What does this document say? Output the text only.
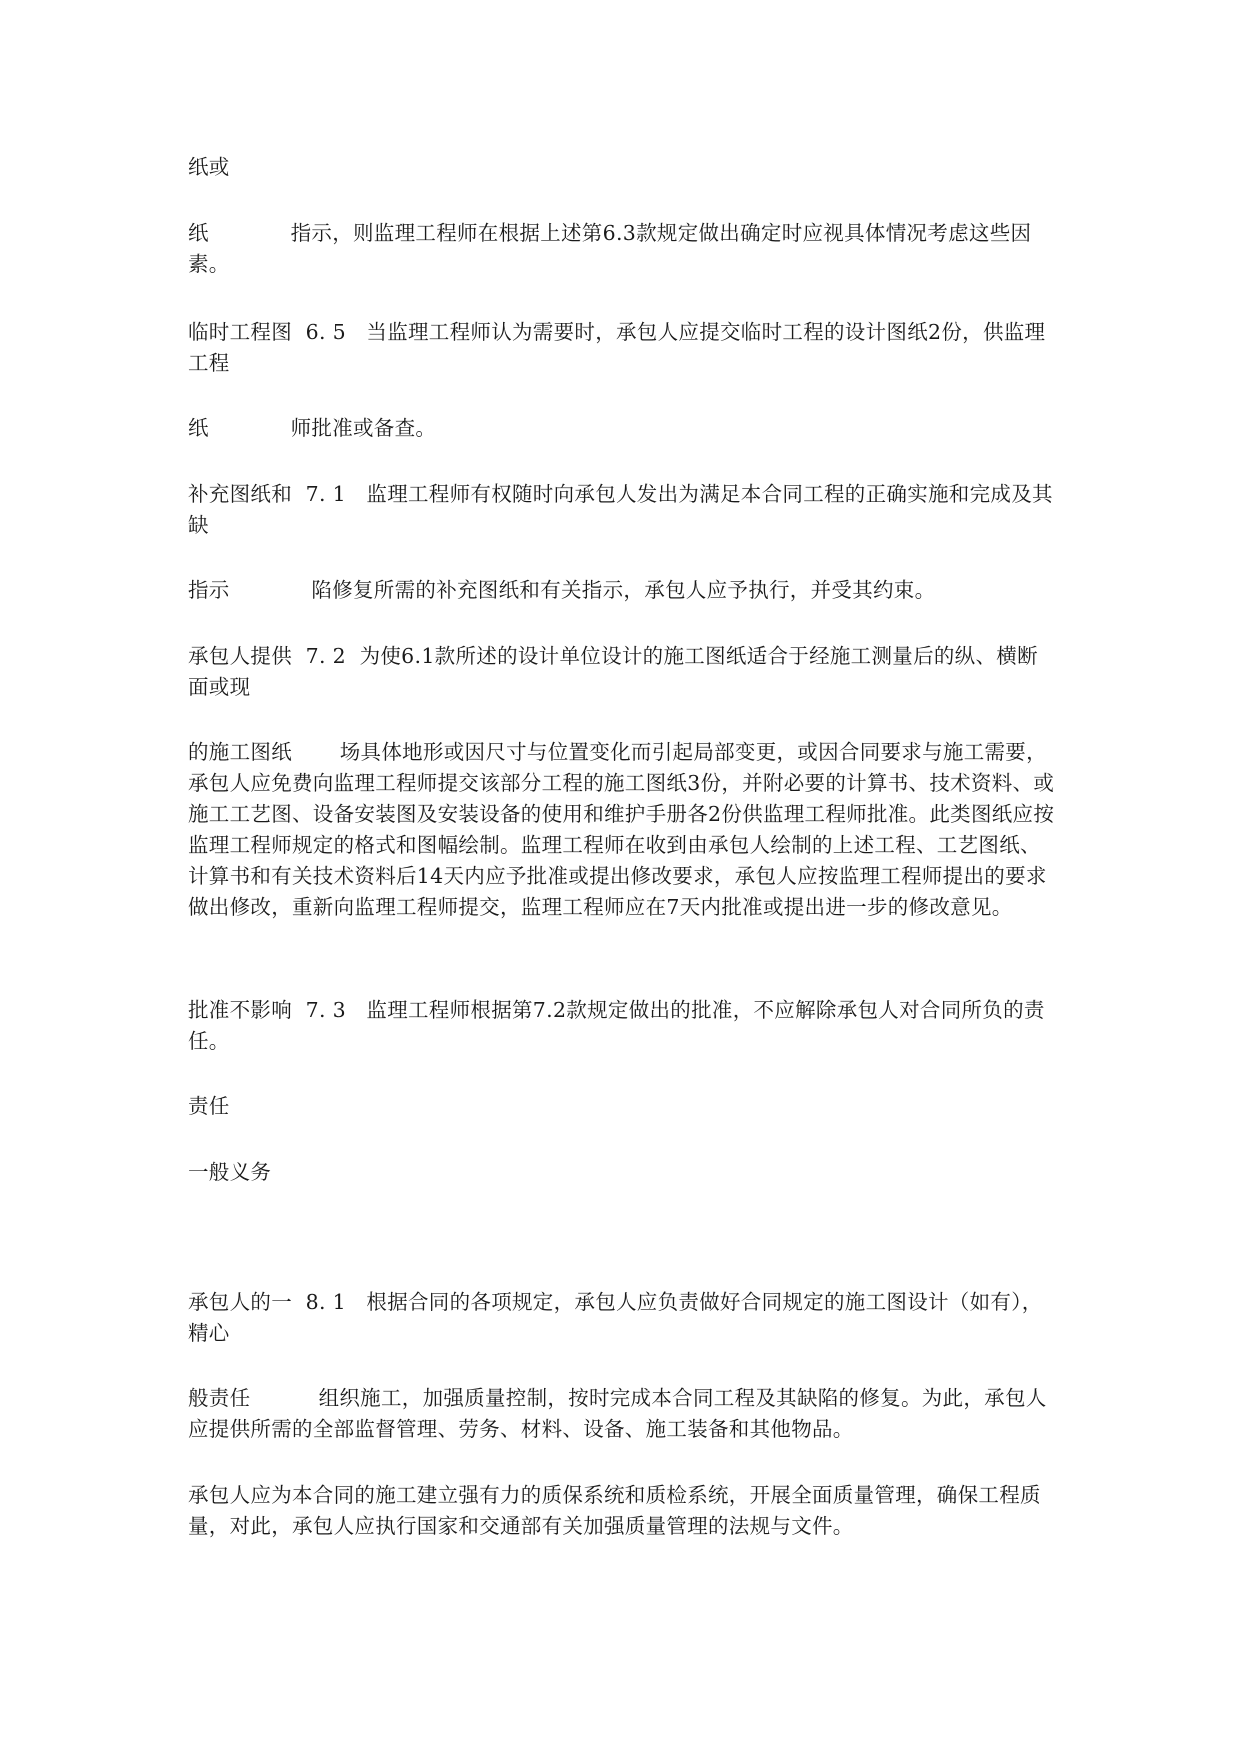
纸或

纸            指示，则监理工程师在根据上述第6.3款规定做出确定时应视具体情况考虑这些因素。

临时工程图  6. 5   当监理工程师认为需要时，承包人应提交临时工程的设计图纸2份，供监理工程

纸            师批准或备查。

补充图纸和  7. 1   监理工程师有权随时向承包人发出为满足本合同工程的正确实施和完成及其缺

指示            陷修复所需的补充图纸和有关指示，承包人应予执行，并受其约束。

承包人提供  7. 2  为使6.1款所述的设计单位设计的施工图纸适合于经施工测量后的纵、横断面或现

的施工图纸       场具体地形或因尺寸与位置变化而引起局部变更，或因合同要求与施工需要，承包人应免费向监理工程师提交该部分工程的施工图纸3份，并附必要的计算书、技术资料、或施工工艺图、设备安装图及安装设备的使用和维护手册各2份供监理工程师批准。此类图纸应按监理工程师规定的格式和图幅绘制。监理工程师在收到由承包人绘制的上述工程、工艺图纸、计算书和有关技术资料后14天内应予批准或提出修改要求，承包人应按监理工程师提出的要求做出修改，重新向监理工程师提交，监理工程师应在7天内批准或提出进一步的修改意见。

批准不影响  7. 3   监理工程师根据第7.2款规定做出的批准，不应解除承包人对合同所负的责任。

责任

一般义务

承包人的一  8. 1   根据合同的各项规定，承包人应负责做好合同规定的施工图设计（如有），精心

般责任          组织施工，加强质量控制，按时完成本合同工程及其缺陷的修复。为此，承包人应提供所需的全部监督管理、劳务、材料、设备、施工装备和其他物品。

承包人应为本合同的施工建立强有力的质保系统和质检系统，开展全面质量管理，确保工程质量，对此，承包人应执行国家和交通部有关加强质量管理的法规与文件。
